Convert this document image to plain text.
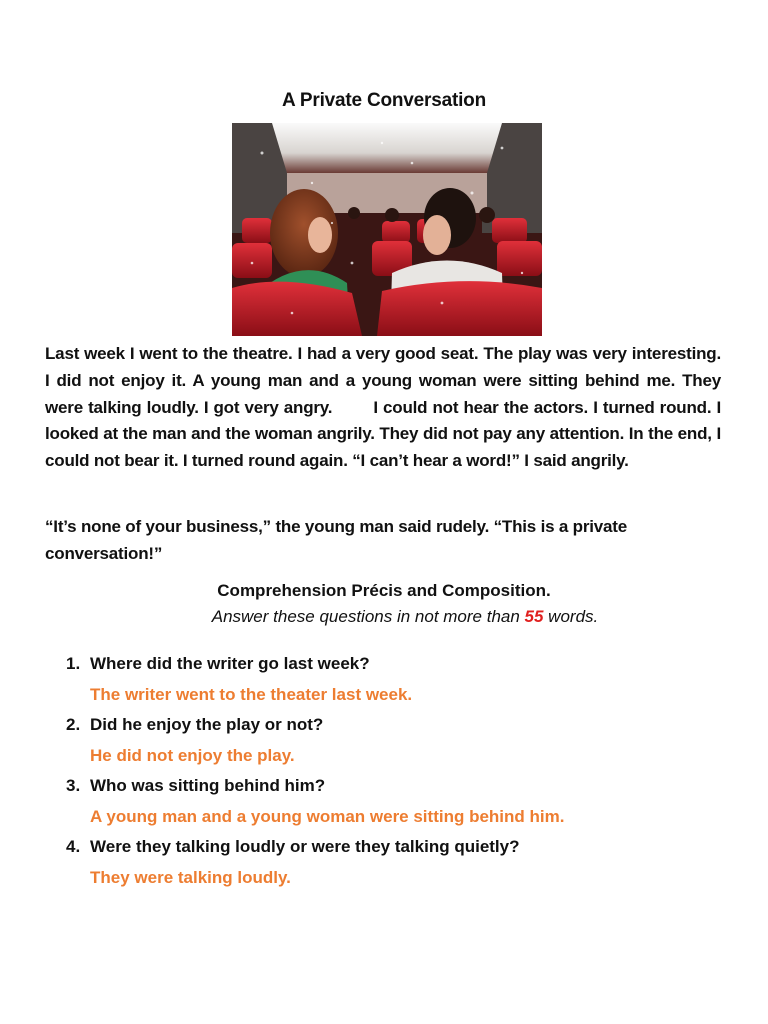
A Private Conversation
Last week I went to the theatre. I had a very good seat. The play was very interesting. I did not enjoy it. A young man and a young woman were sitting behind me. They were talking loudly. I got very angry.        I could not hear the actors. I turned round. I looked at the man and the woman angrily. They did not pay any attention. In the end, I could not bear it. I turned round again. “I can’t hear a word!” I said angrily.
“It’s none of your business,” the young man said rudely. “This is a private conversation!”
Comprehension Précis and Composition.
Answer these questions in not more than 55 words.
1. Where did the writer go last week?
The writer went to the theater last week.
2. Did he enjoy the play or not?
He did not enjoy the play.
3. Who was sitting behind him?
A young man and a young woman were sitting behind him.
4. Were they talking loudly or were they talking quietly?
They were talking loudly.
